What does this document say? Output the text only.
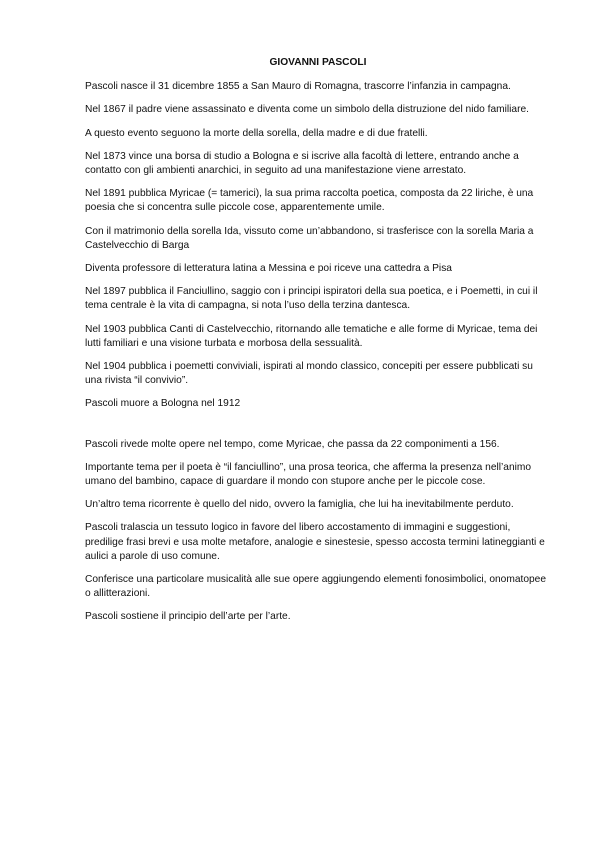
GIOVANNI PASCOLI

Pascoli nasce il 31 dicembre 1855 a San Mauro di Romagna, trascorre l’infanzia in campagna.

Nel 1867 il padre viene assassinato e diventa come un simbolo della distruzione del nido familiare.

A questo evento seguono la morte della sorella, della madre e di due fratelli.

Nel 1873 vince una borsa di studio a Bologna e si iscrive alla facoltà di lettere, entrando anche a contatto con gli ambienti anarchici, in seguito ad una manifestazione viene arrestato.

Nel 1891 pubblica Myricae (= tamerici), la sua prima raccolta poetica, composta da 22 liriche, è una poesia che si concentra sulle piccole cose, apparentemente umile.

Con il matrimonio della sorella Ida, vissuto come un’abbandono, si trasferisce con la sorella Maria a Castelvecchio di Barga

Diventa professore di letteratura latina a Messina e poi riceve una cattedra a Pisa

Nel 1897 pubblica il Fanciullino, saggio con i principi ispiratori della sua poetica, e i Poemetti, in cui il tema centrale è la vita di campagna, si nota l’uso della terzina dantesca.

Nel 1903 pubblica Canti di Castelvecchio, ritornando alle tematiche e alle forme di Myricae, tema dei lutti familiari e una visione turbata e morbosa della sessualità.

Nel 1904 pubblica i poemetti conviviali, ispirati al mondo classico, concepiti per essere pubblicati su una rivista “il convivio”.

Pascoli muore a Bologna nel 1912

Pascoli rivede molte opere nel tempo, come Myricae, che passa da 22 componimenti a 156.

Importante tema per il poeta è “il fanciullino”, una prosa teorica, che afferma la presenza nell’animo umano del bambino, capace di guardare il mondo con stupore anche per le piccole cose.

Un’altro tema ricorrente è quello del nido, ovvero la famiglia, che lui ha inevitabilmente perduto.

Pascoli tralascia un tessuto logico in favore del libero accostamento di immagini e suggestioni, predilige frasi brevi e usa molte metafore, analogie e sinestesie, spesso accosta termini latineggianti e aulici a parole di uso comune.

Conferisce una particolare musicalità alle sue opere aggiungendo elementi fonosimbolici, onomatopee o allitterazioni.

Pascoli sostiene il principio dell’arte per l’arte.
